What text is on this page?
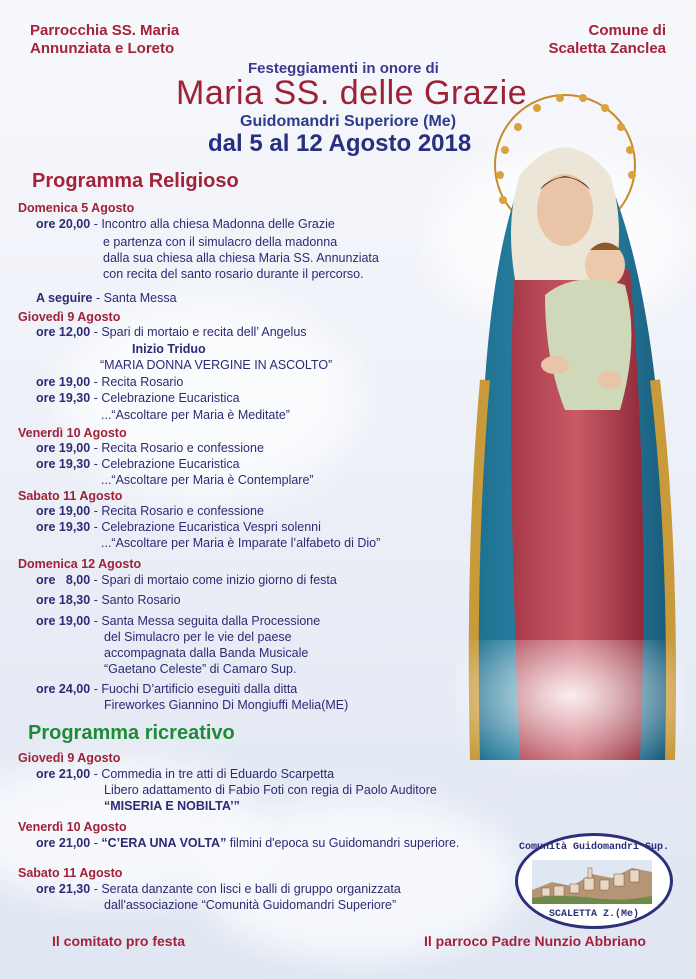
Parrocchia SS. Maria
Annunziata e Loreto
Comune di
Scaletta Zanclea
Festeggiamenti in onore di
Maria SS. delle Grazie
Guidomandri Superiore (Me)
dal 5 al 12 Agosto 2018
Programma Religioso
Domenica 5 Agosto
ore 20,00 - Incontro alla chiesa Madonna delle Grazie
e partenza con il simulacro della madonna
dalla sua chiesa alla chiesa Maria SS. Annunziata
con recita del santo rosario durante il percorso.
A seguire - Santa Messa
Giovedì 9 Agosto
ore 12,00 - Spari di mortaio e recita dell’ Angelus
Inizio Triduo
“MARIA DONNA VERGINE IN ASCOLTO”
ore 19,00 - Recita Rosario
ore 19,30 - Celebrazione Eucaristica
...“Ascoltare per Maria è Meditate”
Venerdì 10 Agosto
ore 19,00 - Recita Rosario e confessione
ore 19,30 - Celebrazione Eucaristica
...“Ascoltare per Maria è Contemplare”
Sabato 11 Agosto
ore 19,00 - Recita Rosario e confessione
ore 19,30 - Celebrazione Eucaristica Vespri solenni
...“Ascoltare per Maria è Imparate l’alfabeto di Dio”
Domenica 12 Agosto
ore   8,00 - Spari di mortaio come inizio giorno di festa
ore 18,30 - Santo Rosario
ore 19,00 - Santa Messa seguita dalla Processione
del Simulacro per le vie del paese
accompagnata dalla Banda Musicale
“Gaetano Celeste” di Camaro Sup.
ore 24,00 - Fuochi D’artificio eseguiti dalla ditta
Fireworkes Giannino Di Mongiuffi Melia(ME)
Programma ricreativo
Giovedì 9 Agosto
ore 21,00 - Commedia in tre atti di Eduardo Scarpetta
Libero adattamento di Fabio Foti con regia di Paolo Auditore
“MISERIA E NOBILTA’”
Venerdì 10 Agosto
ore 21,00 - “C’ERA UNA VOLTA” filmini d'epoca su Guidomandri superiore.
Sabato 11 Agosto
ore 21,30 - Serata danzante con lisci e balli di gruppo organizzata
dall'associazione “Comunità Guidomandri Superiore”
Comunità Guidomandri Sup.
SCALETTA Z.(Me)
Il comitato pro festa	Il parroco Padre Nunzio Abbriano
